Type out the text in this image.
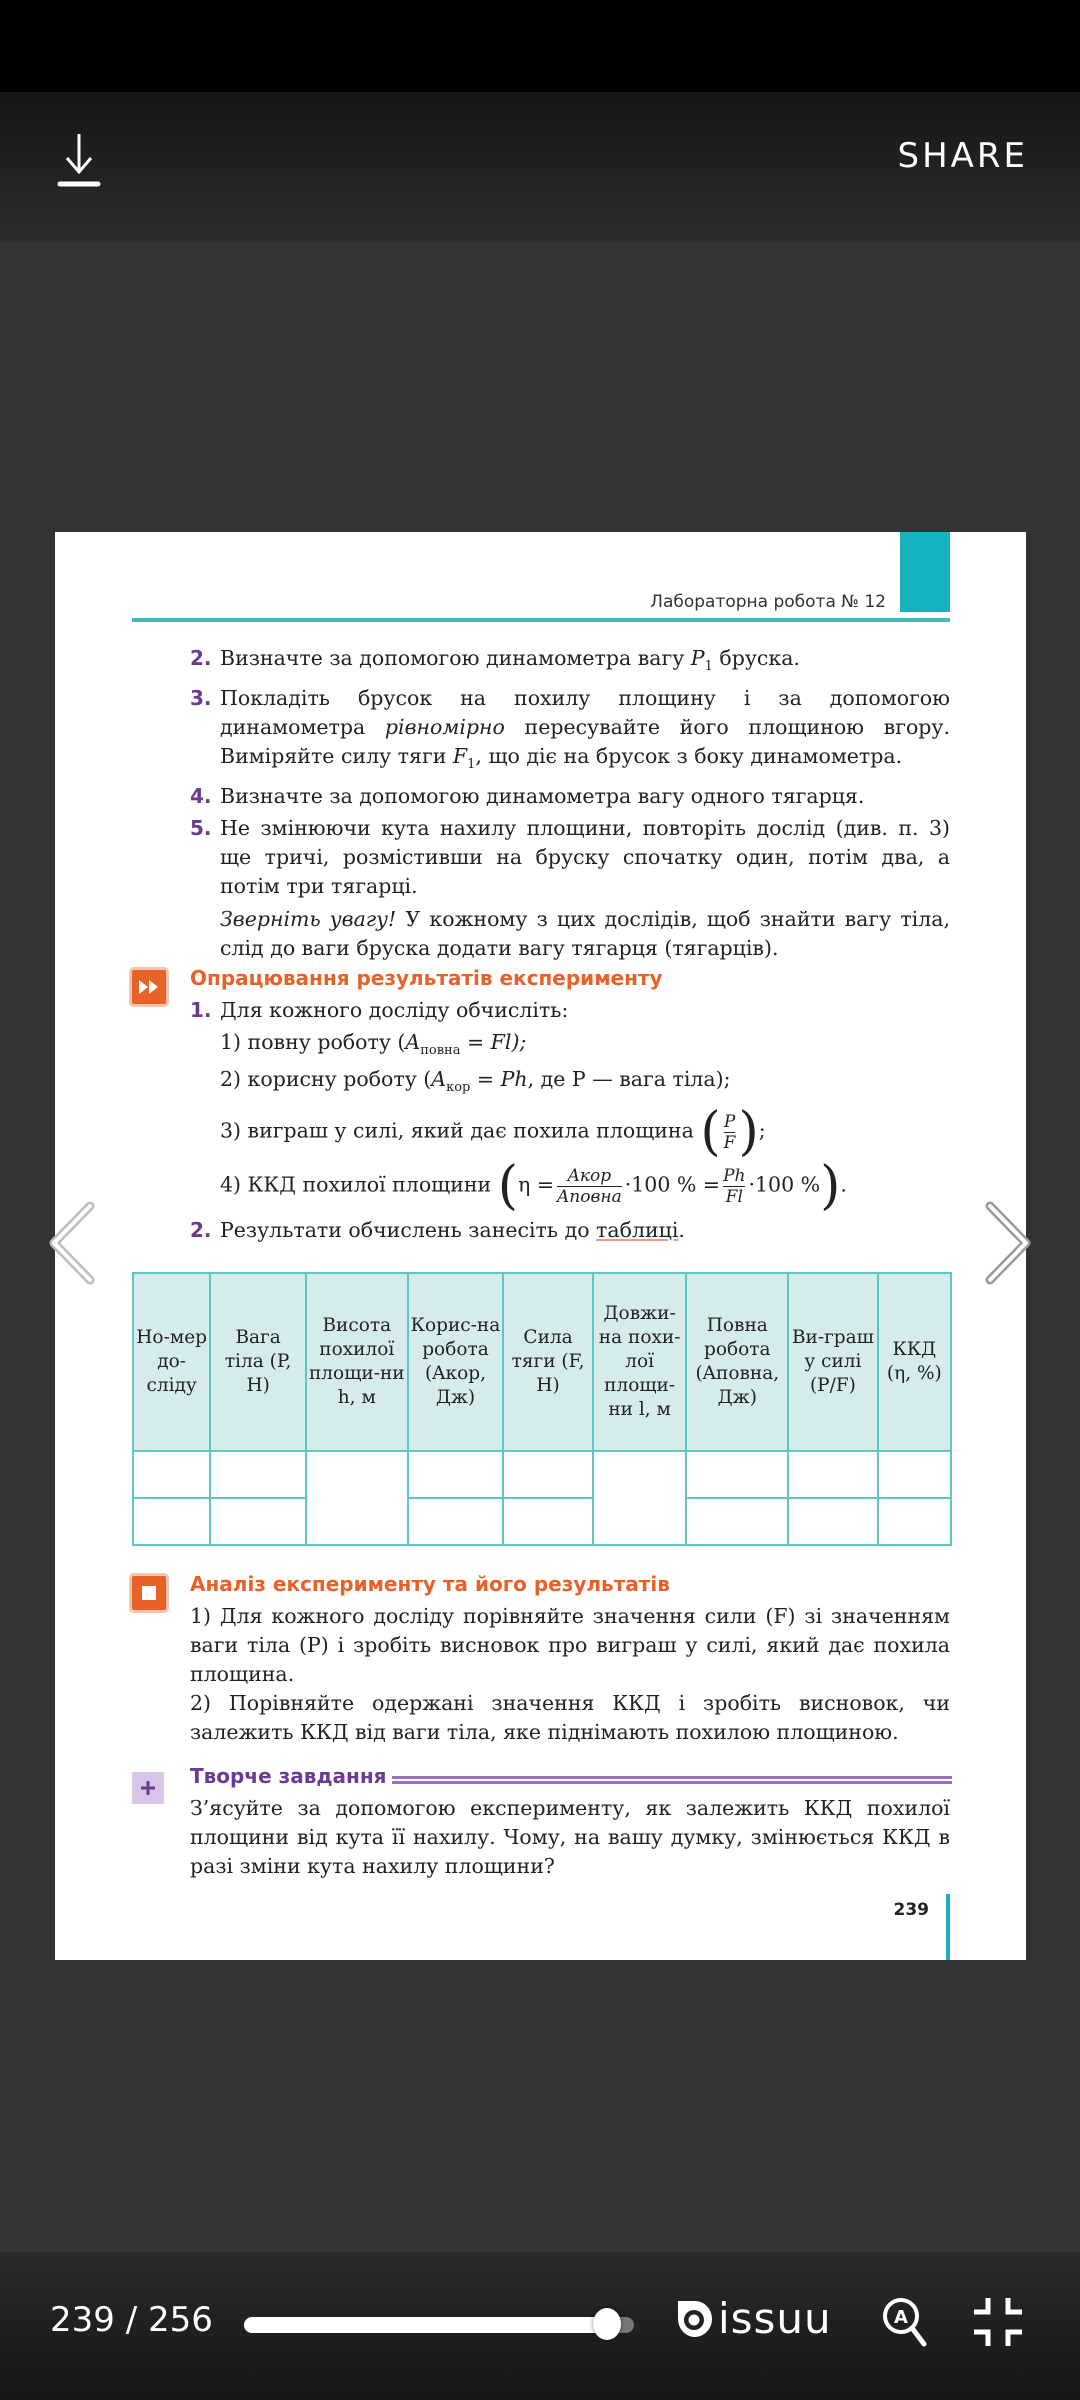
SHARE
Лабораторна робота № 12
2. Визначте за допомогою динамометра вагу $P_1$ бруска.
3. Покладіть брусок на похилу площину і за допомогою динамометра рівномірно пересувайте його площиною вгору. Виміряйте силу тяги $F_1$, що діє на брусок з боку динамометра.
4. Визначте за допомогою динамометра вагу одного тягарця.
5. Не змінюючи кута нахилу площини, повторіть дослід (див. п. 3) ще тричі, розмістивши на бруску спочатку один, потім два, а потім три тягарці.
Зверніть увагу! У кожному з цих дослідів, щоб знайти вагу тіла, слід до ваги бруска додати вагу тягарця (тягарців).
Опрацювання результатів експерименту
1. Для кожного досліду обчисліть:
1) повну роботу $(A_{повна} = Fl)$;
2) корисну роботу ($A_{кор} = Ph$, де P — вага тіла);
3) виграш у силі, який дає похила площина ( $\frac{P}{F}$ );
4) ККД похилої площини ($\eta = \frac{\text{Aкор}}{\text{Aповна}} \cdot 100$ % = $\frac{Ph}{Fl} \cdot 100$ %).
2. Результати обчислень занесіть до таблиці.
Но-мер до-сліду	Вага тіла (P, Н)	Висота похилої площи-ни h, м	Корис-на робота (Aкор, Дж)	Сила тяги (F, Н)	Довжи-на похи-лої площи-ни l, м	Повна робота (Aповна, Дж)	Ви-граш у силі (P/F)	ККД (η, %)

Аналіз експерименту та його результатів
1) Для кожного досліду порівняйте значення сили (F) зі значенням ваги тіла (P) і зробіть висновок про виграш у силі, який дає похила площина.
2) Порівняйте одержані значення ККД і зробіть висновок, чи залежить ККД від ваги тіла, яке піднімають похилою площиною.
Творче завдання
З’ясуйте за допомогою експерименту, як залежить ККД похилої площини від кута її нахилу. Чому, на вашу думку, змінюється ККД в разі зміни кута нахилу площини?
239
239 / 256	issuu	A
